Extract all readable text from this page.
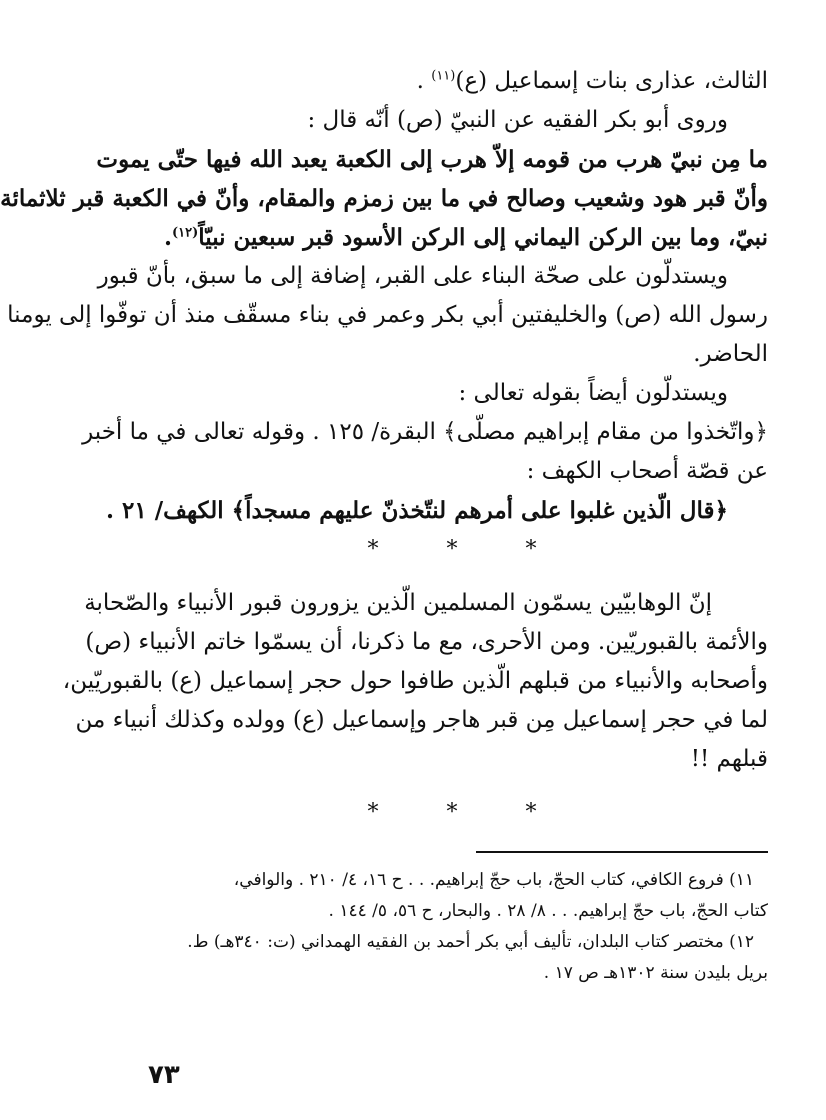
الثالث، عذارى بنات إسماعيل (ع)$^{(١١)}$ .
وروى أبو بكر الفقيه عن النبيّ (ص) أنّه قال :
ما مِن نبيّ هرب من قومه إلاّ هرب إلى الكعبة يعبد الله فيها حتّى يموت
وأنّ قبر هود وشعيب وصالح في ما بين زمزم والمقام، وأنّ في الكعبة قبر ثلاثمائة
نبيّ، وما بين الركن اليماني إلى الركن الأسود قبر سبعين نبيّاً$^{(١٢)}$.
ويستدلّون على صحّة البناء على القبر، إضافة إلى ما سبق، بأنّ قبور
رسول الله (ص) والخليفتين أبي بكر وعمر في بناء مسقّف منذ أن توفّوا إلى يومنا
الحاضر.
ويستدلّون أيضاً بقوله تعالى :
﴿واتّخذوا من مقام إبراهيم مصلّى﴾ البقرة/ ١٢٥ . وقوله تعالى في ما أخبر
عن قصّة أصحاب الكهف :
﴿قال الّذين غلبوا على أمرهم لنتّخذنّ عليهم مسجداً﴾ الكهف/ ٢١ .
*
*
*
إنّ الوهابيّين يسمّون المسلمين الّذين يزورون قبور الأنبياء والصّحابة
والأئمة بالقبوريّين. ومن الأحرى، مع ما ذكرنا، أن يسمّوا خاتم الأنبياء (ص)
وأصحابه والأنبياء من قبلهم الّذين طافوا حول حجر إسماعيل (ع) بالقبوريّين،
لما في حجر إسماعيل مِن قبر هاجر وإسماعيل (ع) وولده وكذلك أنبياء من
قبلهم !!
*
*
*
١١) فروع الكافي، كتاب الحجّ، باب حجّ إبراهيم. . . ح ١٦، ٤/ ٢١٠ . والوافي،
كتاب الحجّ، باب حجّ إبراهيم. . . ٨/ ٢٨ . والبحار، ح ٥٦، ٥/ ١٤٤ .
١٢) مختصر كتاب البلدان، تأليف أبي بكر أحمد بن الفقيه الهمداني (ت: ٣٤٠هـ) ط.
بريل بليدن سنة ١٣٠٢هـ ص ١٧ .
٧٣
